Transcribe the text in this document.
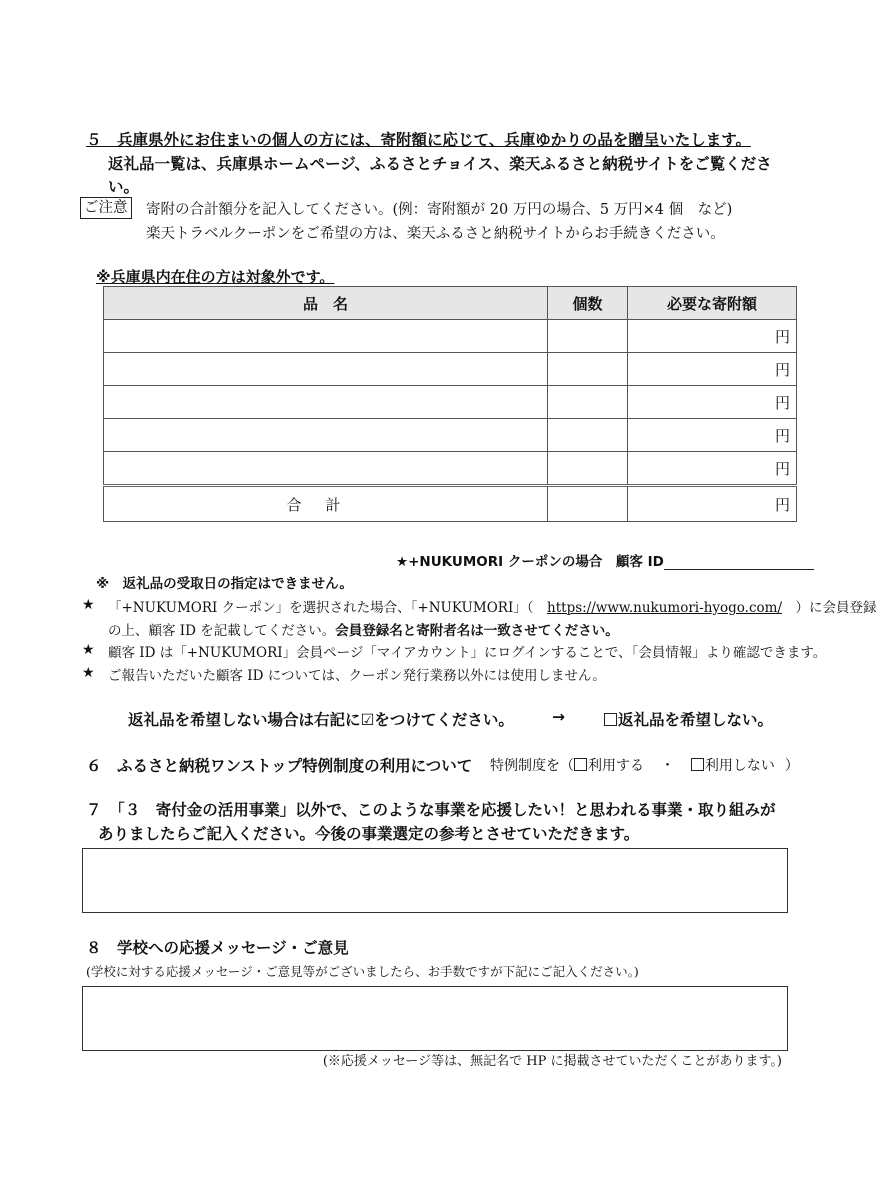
５　兵庫県外にお住まいの個人の方には、寄附額に応じて、兵庫ゆかりの品を贈呈いたします。
返礼品一覧は、兵庫県ホームページ、ふるさとチョイス、楽天ふるさと納税サイトをご覧くださ
い。
ご注意 寄附の合計額分を記入してください。(例：寄附額が 20 万円の場合、5 万円×4 個　など)
楽天トラベルクーポンをご希望の方は、楽天ふるさと納税サイトからお手続きください。
※兵庫県内在住の方は対象外です。
品　名	個数	必要な寄附額
		円
		円
		円
		円
		円
合計		円
★+NUKUMORI クーポンの場合　顧客 ID
※　返礼品の受取日の指定はできません。
★ 「+NUKUMORI クーポン」を選択された場合、「+NUKUMORI」（　https://www.nukumori-hyogo.com/　）に会員登録
の上、顧客 ID を記載してください。会員登録名と寄附者名は一致させてください。
★ 顧客 ID は「+NUKUMORI」会員ページ「マイアカウント」にログインすることで、「会員情報」より確認できます。
★ ご報告いただいた顧客 ID については、クーポン発行業務以外には使用しません。
返礼品を希望しない場合は右記に☑をつけてください。 →	返礼品を希望しない。
６　ふるさと納税ワンストップ特例制度の利用について 特例制度を（ 利用する ・ 利用しない ）
７　「３　寄付金の活用事業」以外で、このような事業を応援したい！と思われる事業・取り組みが
ありましたらご記入ください。今後の事業選定の参考とさせていただきます。
８　学校への応援メッセージ・ご意見
(学校に対する応援メッセージ・ご意見等がございましたら、お手数ですが下記にご記入ください。)
(※応援メッセージ等は、無記名で HP に掲載させていただくことがあります。)
